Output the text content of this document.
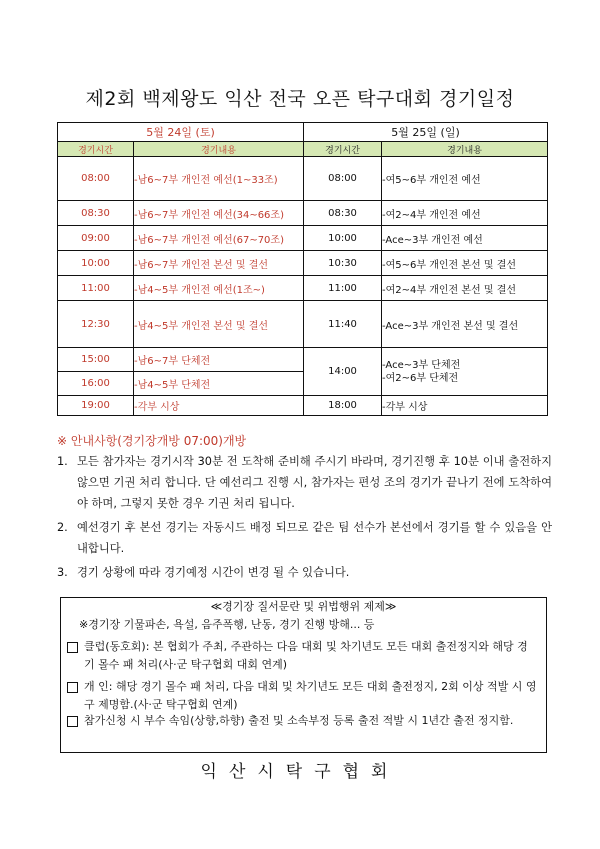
제2회 백제왕도 익산 전국 오픈 탁구대회 경기일정
5월 24일 (토)		5월 25일 (일)	
경기시간	경기내용	경기시간	경기내용
08:00	-남6~7부 개인전 예선(1~33조)	08:00	-여5~6부 개인전 예선
08:30	-남6~7부 개인전 예선(34~66조)	08:30	-여2~4부 개인전 예선
09:00	-남6~7부 개인전 예선(67~70조)	10:00	-Ace~3부 개인전 예선
10:00	-남6~7부 개인전 본선 및 결선	10:30	-여5~6부 개인전 본선 및 결선
11:00	-남4~5부 개인전 예선(1조~)	11:00	-여2~4부 개인전 본선 및 결선
12:30	-남4~5부 개인전 본선 및 결선	11:40	-Ace~3부 개인전 본선 및 결선
15:00	-남6~7부 단체전	14:00	-Ace~3부 단체전
-여2~6부 단체전

16:00	-남4~5부 단체전		
19:00	-각부 시상	18:00	-각부 시상
※ 안내사항(경기장개방 07:00)개방
1. 모든 참가자는 경기시작 30분 전 도착해 준비해 주시기 바라며, 경기진행 후 10분 이내 출전하지 않으면 기권 처리 합니다. 단 예선리그 진행 시, 참가자는 편성 조의 경기가 끝나기 전에 도착하여야 하며, 그렇지 못한 경우 기권 처리 됩니다.
2. 예선경기 후 본선 경기는 자동시드 배정 되므로 같은 팀 선수가 본선에서 경기를 할 수 있음을 안내합니다.
3. 경기 상황에 따라 경기예정 시간이 변경 될 수 있습니다.
≪경기장 질서문란 및 위법행위 제제≫
※경기장 기물파손, 욕설, 음주폭행, 난동, 경기 진행 방해... 등
클럽(동호회): 본 협회가 주최, 주관하는 다음 대회 및 차기년도 모든 대회 출전정지와 해당 경기 몰수 패 처리(사·군 탁구협회 대회 연계)
개 인: 해당 경기 몰수 패 처리, 다음 대회 및 차기년도 모든 대회 출전정지, 2회 이상 적발 시 영구 제명함.(사·군 탁구협회 연계)
참가신청 시 부수 속임(상향,하향) 출전 및 소속부정 등록 출전 적발 시 1년간 출전 정지함.
익산시탁구협회
